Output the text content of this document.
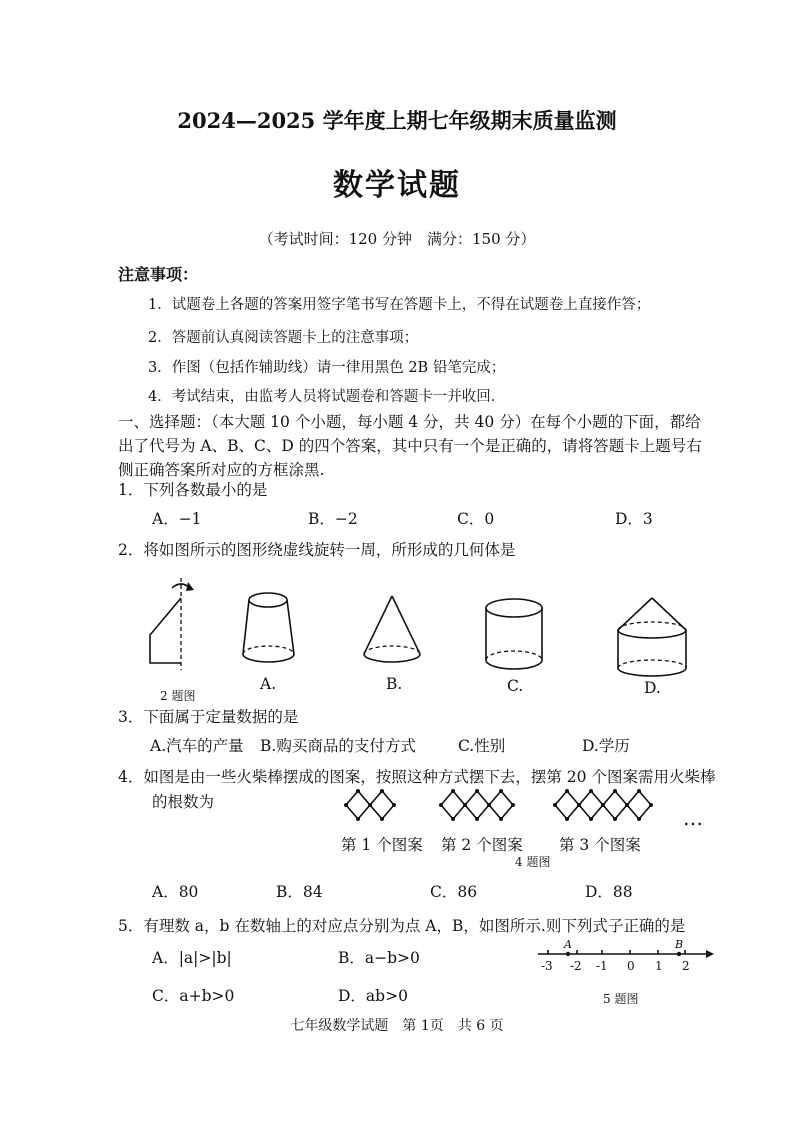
2024—2025 学年度上期七年级期末质量监测
数学试题
（考试时间：120 分钟　满分：150 分）
注意事项：
1．试题卷上各题的答案用签字笔书写在答题卡上，不得在试题卷上直接作答；
2．答题前认真阅读答题卡上的注意事项；
3．作图（包括作辅助线）请一律用黑色 2B 铅笔完成；
4．考试结束，由监考人员将试题卷和答题卡一并收回．
一、选择题：（本大题 10 个小题，每小题 4 分，共 40 分）在每个小题的下面，都给出了代号为 A、B、C、D 的四个答案，其中只有一个是正确的，请将答题卡上题号右侧正确答案所对应的方框涂黑.
1．下列各数最小的是
A．−1	B．−2	C．0	D．3
2．将如图所示的图形绕虚线旋转一周，所形成的几何体是
2 题图
A.	B.	C.	D.
3．下面属于定量数据的是
A.汽车的产量 B.购买商品的支付方式	C.性别	D.学历
4．如图是由一些火柴棒摆成的图案，按照这种方式摆下去，摆第 20 个图案需用火柴棒
的根数为
…
第 1 个图案 第 2 个图案 第 3 个图案
4 题图
A．80	B．84	C．86	D．88
5．有理数 a，b 在数轴上的对应点分别为点 A，B，如图所示.则下列式子正确的是
A．|a|>|b|	B．a−b>0
C．a+b>0	D．ab>0
A	B
-3 -2 -1 0 1 2
5 题图
七年级数学试题　第 1页　共 6 页
